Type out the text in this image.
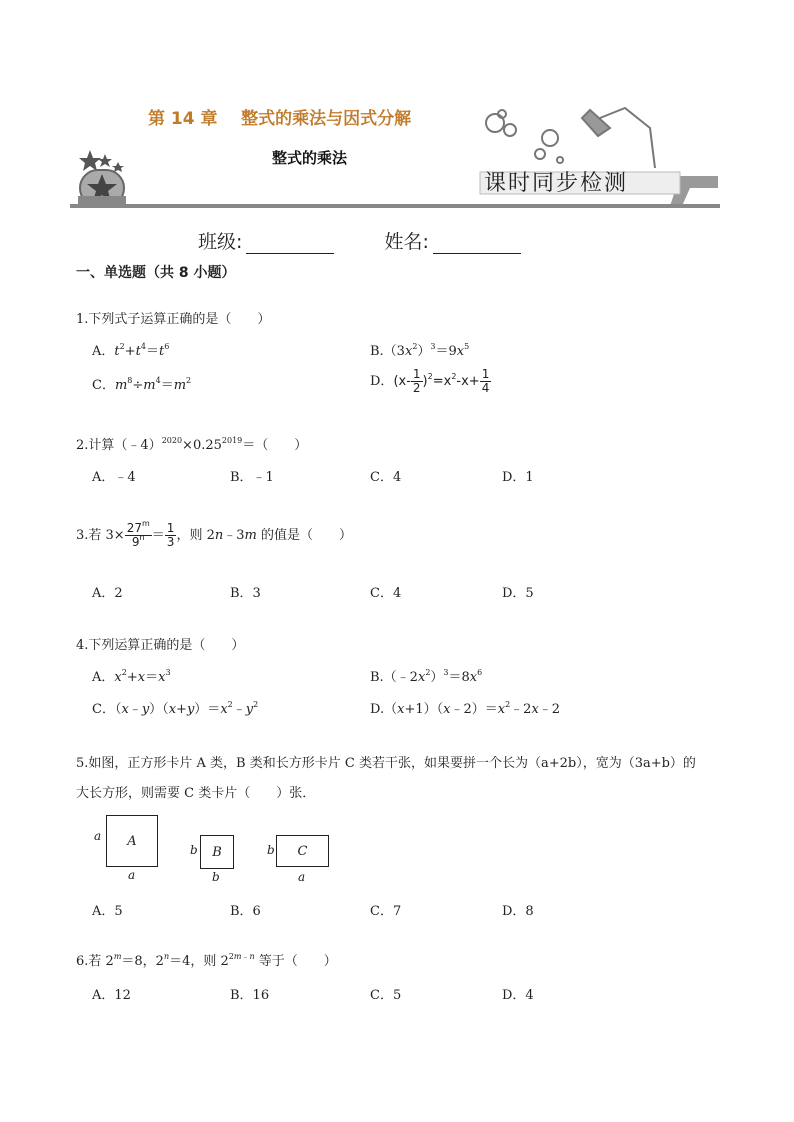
第 14 章    整式的乘法与因式分解
整式的乘法
课时同步检测
班级:	姓名:
一、单选题（共 8 小题）
1.下列式子运算正确的是（　　）
A．$t^2+t^4=t^6$	$B.(3x^2)^3=9x^5$
C．$m^8\div m^4=m^2$	D．$(x- \frac{1}{2} )^2=x^2-x+ \frac{1}{4}$
2.计算$(﹣4)^{2020}\times 0.25^{2019}=$（　　）
A．﹣4	B．﹣1	C．4	D．1
3.若 $3\times \frac{27^m}{9^n} = \frac{1}{3}$ ，则 2n﹣3m 的值是（　　）
A．2	B．3	C．4	D．5
4.下列运算正确的是（　　）
A．$x^2+x=x^3$	$B.(﹣2x^2)^3=8x^6$
C．$(x﹣y)(x+y)=x^2﹣y^2$	$D.(x+1)(x﹣2)=x^2﹣2x﹣2$
5.如图，正方形卡片 A 类，B 类和长方形卡片 C 类若干张，如果要拼一个长为（a+2b），宽为（3a+b）的
大长方形，则需要 C 类卡片（　　）张．
A
a
a
B
b
b
C
b
a
A．5	B．6	C．7	D．8
6.若 $2^m=8$，$2^n=4$，则 $2^{2m﹣n}$ 等于（　　）
A．12	B．16	C．5	D．4
